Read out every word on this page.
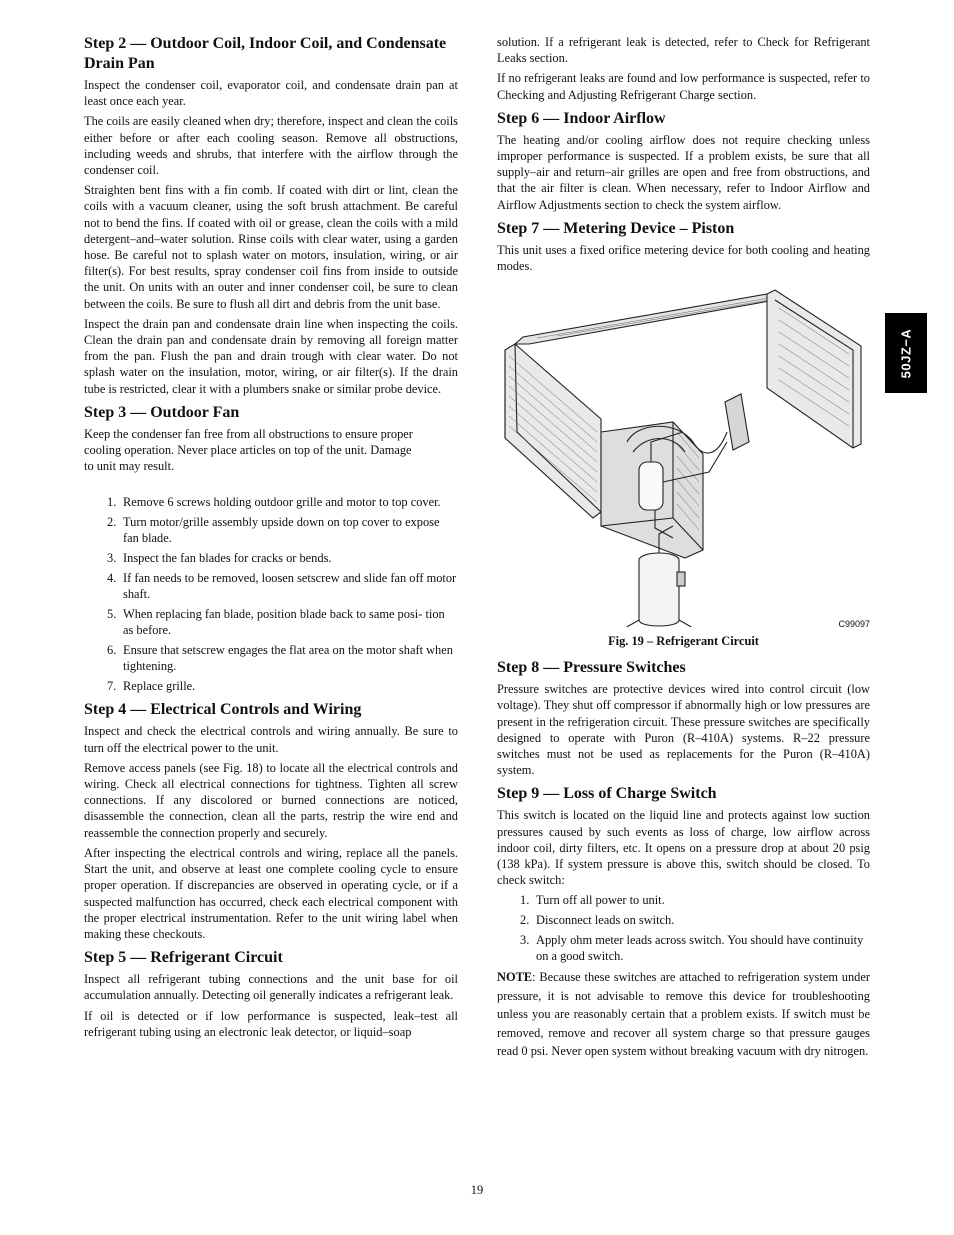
Step 2 — Outdoor Coil, Indoor Coil, and Condensate Drain Pan

Inspect the condenser coil, evaporator coil, and condensate drain pan at least once each year.

The coils are easily cleaned when dry; therefore, inspect and clean the coils either before or after each cooling season. Remove all obstructions, including weeds and shrubs, that interfere with the airflow through the condenser coil.

Straighten bent fins with a fin comb. If coated with dirt or lint, clean the coils with a vacuum cleaner, using the soft brush attachment. Be careful not to bend the fins. If coated with oil or grease, clean the coils with a mild detergent–and–water solution. Rinse coils with clear water, using a garden hose. Be careful not to splash water on motors, insulation, wiring, or air filter(s). For best results, spray condenser coil fins from inside to outside the unit. On units with an outer and inner condenser coil, be sure to clean between the coils. Be sure to flush all dirt and debris from the unit base.

Inspect the drain pan and condensate drain line when inspecting the coils. Clean the drain pan and condensate drain by removing all foreign matter from the pan. Flush the pan and drain trough with clear water. Do not splash water on the insulation, motor, wiring, or air filter(s). If the drain tube is restricted, clear it with a plumbers snake or similar probe device.

Step 3 — Outdoor Fan

Keep the condenser fan free from all obstructions to ensure proper cooling operation. Never place articles on top of the unit. Damage to unit may result.

1. Remove 6 screws holding outdoor grille and motor to top cover.
2. Turn motor/grille assembly upside down on top cover to expose fan blade.
3. Inspect the fan blades for cracks or bends.
4. If fan needs to be removed, loosen setscrew and slide fan off motor shaft.
5. When replacing fan blade, position blade back to same posi- tion as before.
6. Ensure that setscrew engages the flat area on the motor shaft when tightening.
7. Replace grille.
Step 4 — Electrical Controls and Wiring

Inspect and check the electrical controls and wiring annually. Be sure to turn off the electrical power to the unit.

Remove access panels (see Fig. 18) to locate all the electrical controls and wiring. Check all electrical connections for tightness. Tighten all screw connections. If any discolored or burned connections are noticed, disassemble the connection, clean all the parts, restrip the wire end and reassemble the connection properly and securely.

After inspecting the electrical controls and wiring, replace all the panels. Start the unit, and observe at least one complete cooling cycle to ensure proper operation. If discrepancies are observed in operating cycle, or if a suspected malfunction has occurred, check each electrical component with the proper electrical instrumentation. Refer to the unit wiring label when making these checkouts.

Step 5 — Refrigerant Circuit

Inspect all refrigerant tubing connections and the unit base for oil accumulation annually. Detecting oil generally indicates a refrigerant leak.

If oil is detected or if low performance is suspected, leak–test all refrigerant tubing using an electronic leak detector, or liquid–soap

solution. If a refrigerant leak is detected, refer to Check for Refrigerant Leaks section.

If no refrigerant leaks are found and low performance is suspected, refer to Checking and Adjusting Refrigerant Charge section.

Step 6 — Indoor Airflow

The heating and/or cooling airflow does not require checking unless improper performance is suspected. If a problem exists, be sure that all supply–air and return–air grilles are open and free from obstructions, and that the air filter is clean. When necessary, refer to Indoor Airflow and Airflow Adjustments section to check the system airflow.

Step 7 — Metering Device – Piston

This unit uses a fixed orifice metering device for both cooling and heating modes.

C99097
Fig. 19 – Refrigerant Circuit
Step 8 — Pressure Switches

Pressure switches are protective devices wired into control circuit (low voltage). They shut off compressor if abnormally high or low pressures are present in the refrigeration circuit. These pressure switches are specifically designed to operate with Puron (R–410A) systems. R–22 pressure switches must not be used as replacements for the Puron (R–410A) system.

Step 9 — Loss of Charge Switch

This switch is located on the liquid line and protects against low suction pressures caused by such events as loss of charge, low airflow across indoor coil, dirty filters, etc. It opens on a pressure drop at about 20 psig (138 kPa). If system pressure is above this, switch should be closed. To check switch:

1. Turn off all power to unit.
2. Disconnect leads on switch.
3. Apply ohm meter leads across switch. You should have continuity on a good switch.

NOTE: Because these switches are attached to refrigeration system under pressure, it is not advisable to remove this device for troubleshooting unless you are reasonably certain that a problem exists. If switch must be removed, remove and recover all system charge so that pressure gauges read 0 psi. Never open system without breaking vacuum with dry nitrogen.

50JZ−A
19
